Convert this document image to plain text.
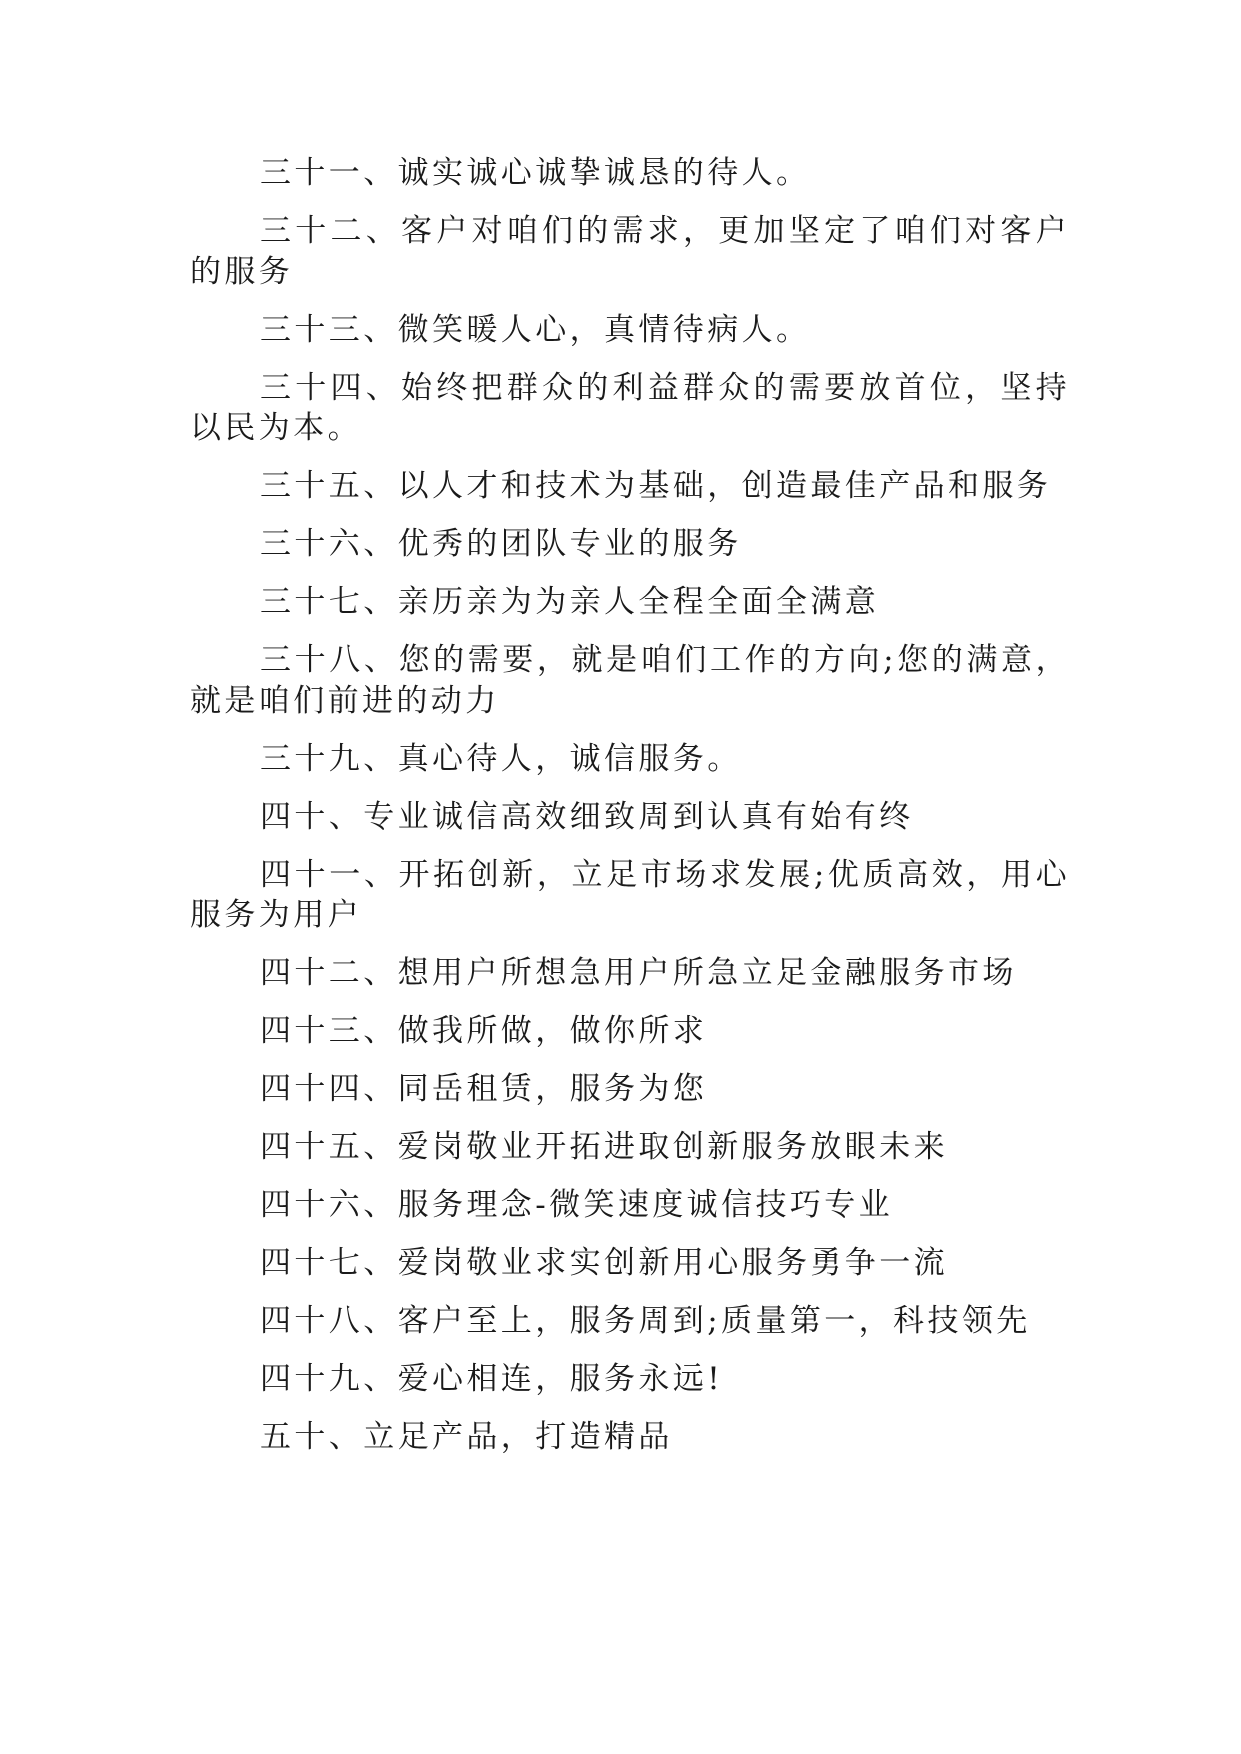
三十一、诚实诚心诚挚诚恳的待人。

三十二、客户对咱们的需求，更加坚定了咱们对客户的服务

三十三、微笑暖人心，真情待病人。

三十四、始终把群众的利益群众的需要放首位，坚持以民为本。

三十五、以人才和技术为基础，创造最佳产品和服务

三十六、优秀的团队专业的服务

三十七、亲历亲为为亲人全程全面全满意

三十八、您的需要，就是咱们工作的方向;您的满意，就是咱们前进的动力

三十九、真心待人，诚信服务。

四十、专业诚信高效细致周到认真有始有终

四十一、开拓创新，立足市场求发展;优质高效，用心服务为用户

四十二、想用户所想急用户所急立足金融服务市场

四十三、做我所做，做你所求

四十四、同岳租赁，服务为您

四十五、爱岗敬业开拓进取创新服务放眼未来

四十六、服务理念-微笑速度诚信技巧专业

四十七、爱岗敬业求实创新用心服务勇争一流

四十八、客户至上，服务周到;质量第一，科技领先

四十九、爱心相连，服务永远!

五十、立足产品，打造精品
